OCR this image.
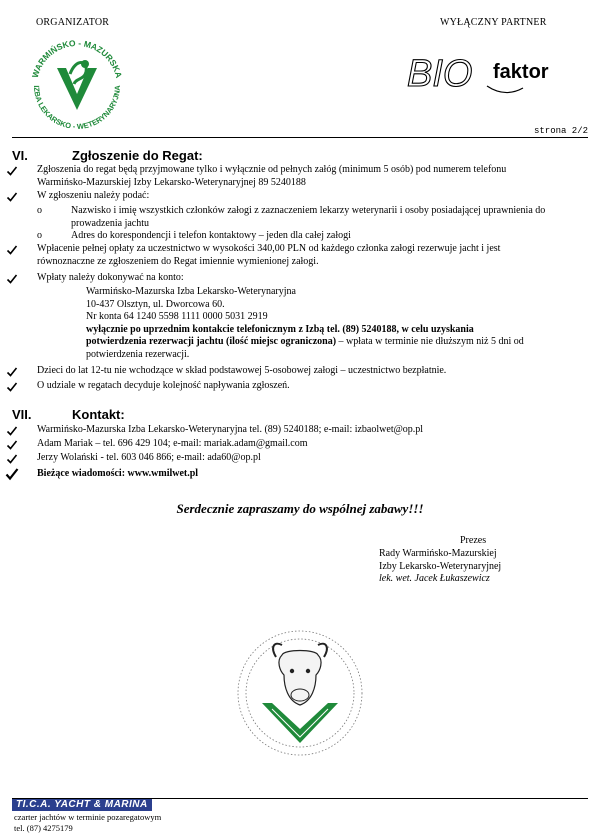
ORGANIZATOR	WYŁĄCZNY PARTNER
WARMIŃSKO - MAZURSKA
IZBA LEKARSKO - WETERYNARYJNA	BIO faktor
strona 2/2
VI.	Zgłoszenie do Regat:
Zgłoszenia do regat będą przyjmowane tylko i wyłącznie od pełnych załóg (minimum 5 osób) pod numerem telefonu
Warmińsko-Mazurskiej Izby Lekarsko-Weterynaryjnej 89 5240188
W zgłoszeniu należy podać:
o	Nazwisko i imię wszystkich członków załogi z zaznaczeniem lekarzy weterynarii i osoby posiadającej uprawnienia do
prowadzenia jachtu
o	Adres do korespondencji i telefon kontaktowy – jeden dla całej załogi
Wpłacenie pełnej opłaty za uczestnictwo w wysokości 340,00 PLN od każdego członka załogi rezerwuje jacht i jest
równoznaczne ze zgłoszeniem do Regat imiennie wymienionej załogi.
Wpłaty należy dokonywać na konto:
Warmińsko-Mazurska Izba Lekarsko-Weterynaryjna
10-437 Olsztyn, ul. Dworcowa 60.
Nr konta 64 1240 5598 1111 0000 5031 2919
wyłącznie po uprzednim kontakcie telefonicznym z Izbą tel. (89) 5240188, w celu uzyskania
potwierdzenia rezerwacji jachtu (ilość miejsc ograniczona) – wpłata w terminie nie dłuższym niż 5 dni od
potwierdzenia rezerwacji.
Dzieci do lat 12-tu nie wchodzące w skład podstawowej 5-osobowej załogi – uczestnictwo bezpłatnie.
O udziale w regatach decyduje kolejność napływania zgłoszeń.
VII.	Kontakt:
Warmińsko-Mazurska Izba Lekarsko-Weterynaryjna tel. (89) 5240188; e-mail: izbaolwet@op.pl
Adam Mariak – tel. 696 429 104; e-mail: mariak.adam@gmail.com
Jerzy Wolański - tel. 603 046 866; e-mail: ada60@op.pl
Bieżące wiadomości: www.wmilwet.pl
Serdecznie zapraszamy do wspólnej zabawy!!!
Prezes
Rady Warmińsko-Mazurskiej
Izby Lekarsko-Weterynaryjnej
lek. wet. Jacek Łukaszewicz
TI.C.A. YACHT & MARINA
czarter jachtów w terminie pozaregatowym
tel. (87) 4275179
